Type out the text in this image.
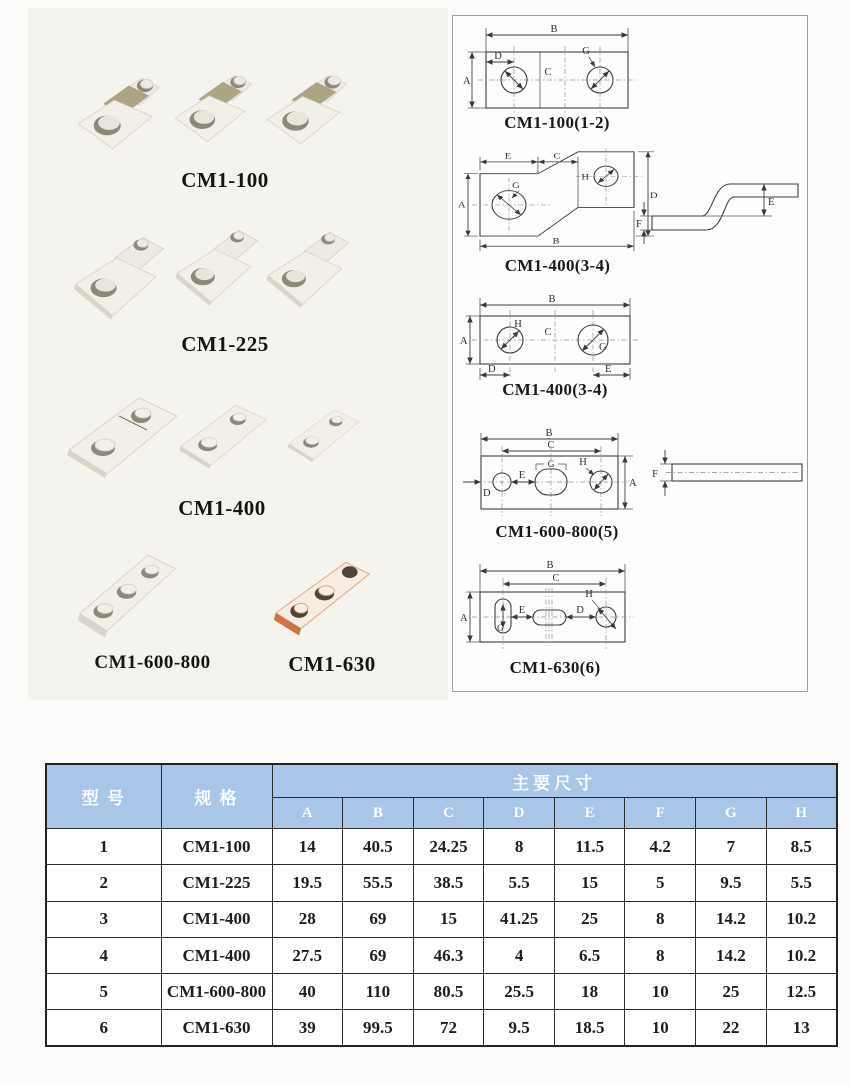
CM1-100
CM1-225
CM1-400
CM1-600-800	CM1-630
B
A
D
C
G
CM1-100(1-2)
G
H
E	C
A
D
B
F
E
CM1-400(3-4)
B
H
C
G
A
D	E
CM1-400(3-4)
B
C
G H
E
D
A
F
CM1-600-800(5)
B
C
G
H
E	D
A
CM1-630(6)
型 号	规 格	主要尺寸							
		A	B	C	D	E	F	G	H
1	CM1-100	14	40.5	24.25	8	11.5	4.2	7	8.5
2	CM1-225	19.5	55.5	38.5	5.5	15	5	9.5	5.5
3	CM1-400	28	69	15	41.25	25	8	14.2	10.2
4	CM1-400	27.5	69	46.3	4	6.5	8	14.2	10.2
5	CM1-600-800	40	110	80.5	25.5	18	10	25	12.5
6	CM1-630	39	99.5	72	9.5	18.5	10	22	13
